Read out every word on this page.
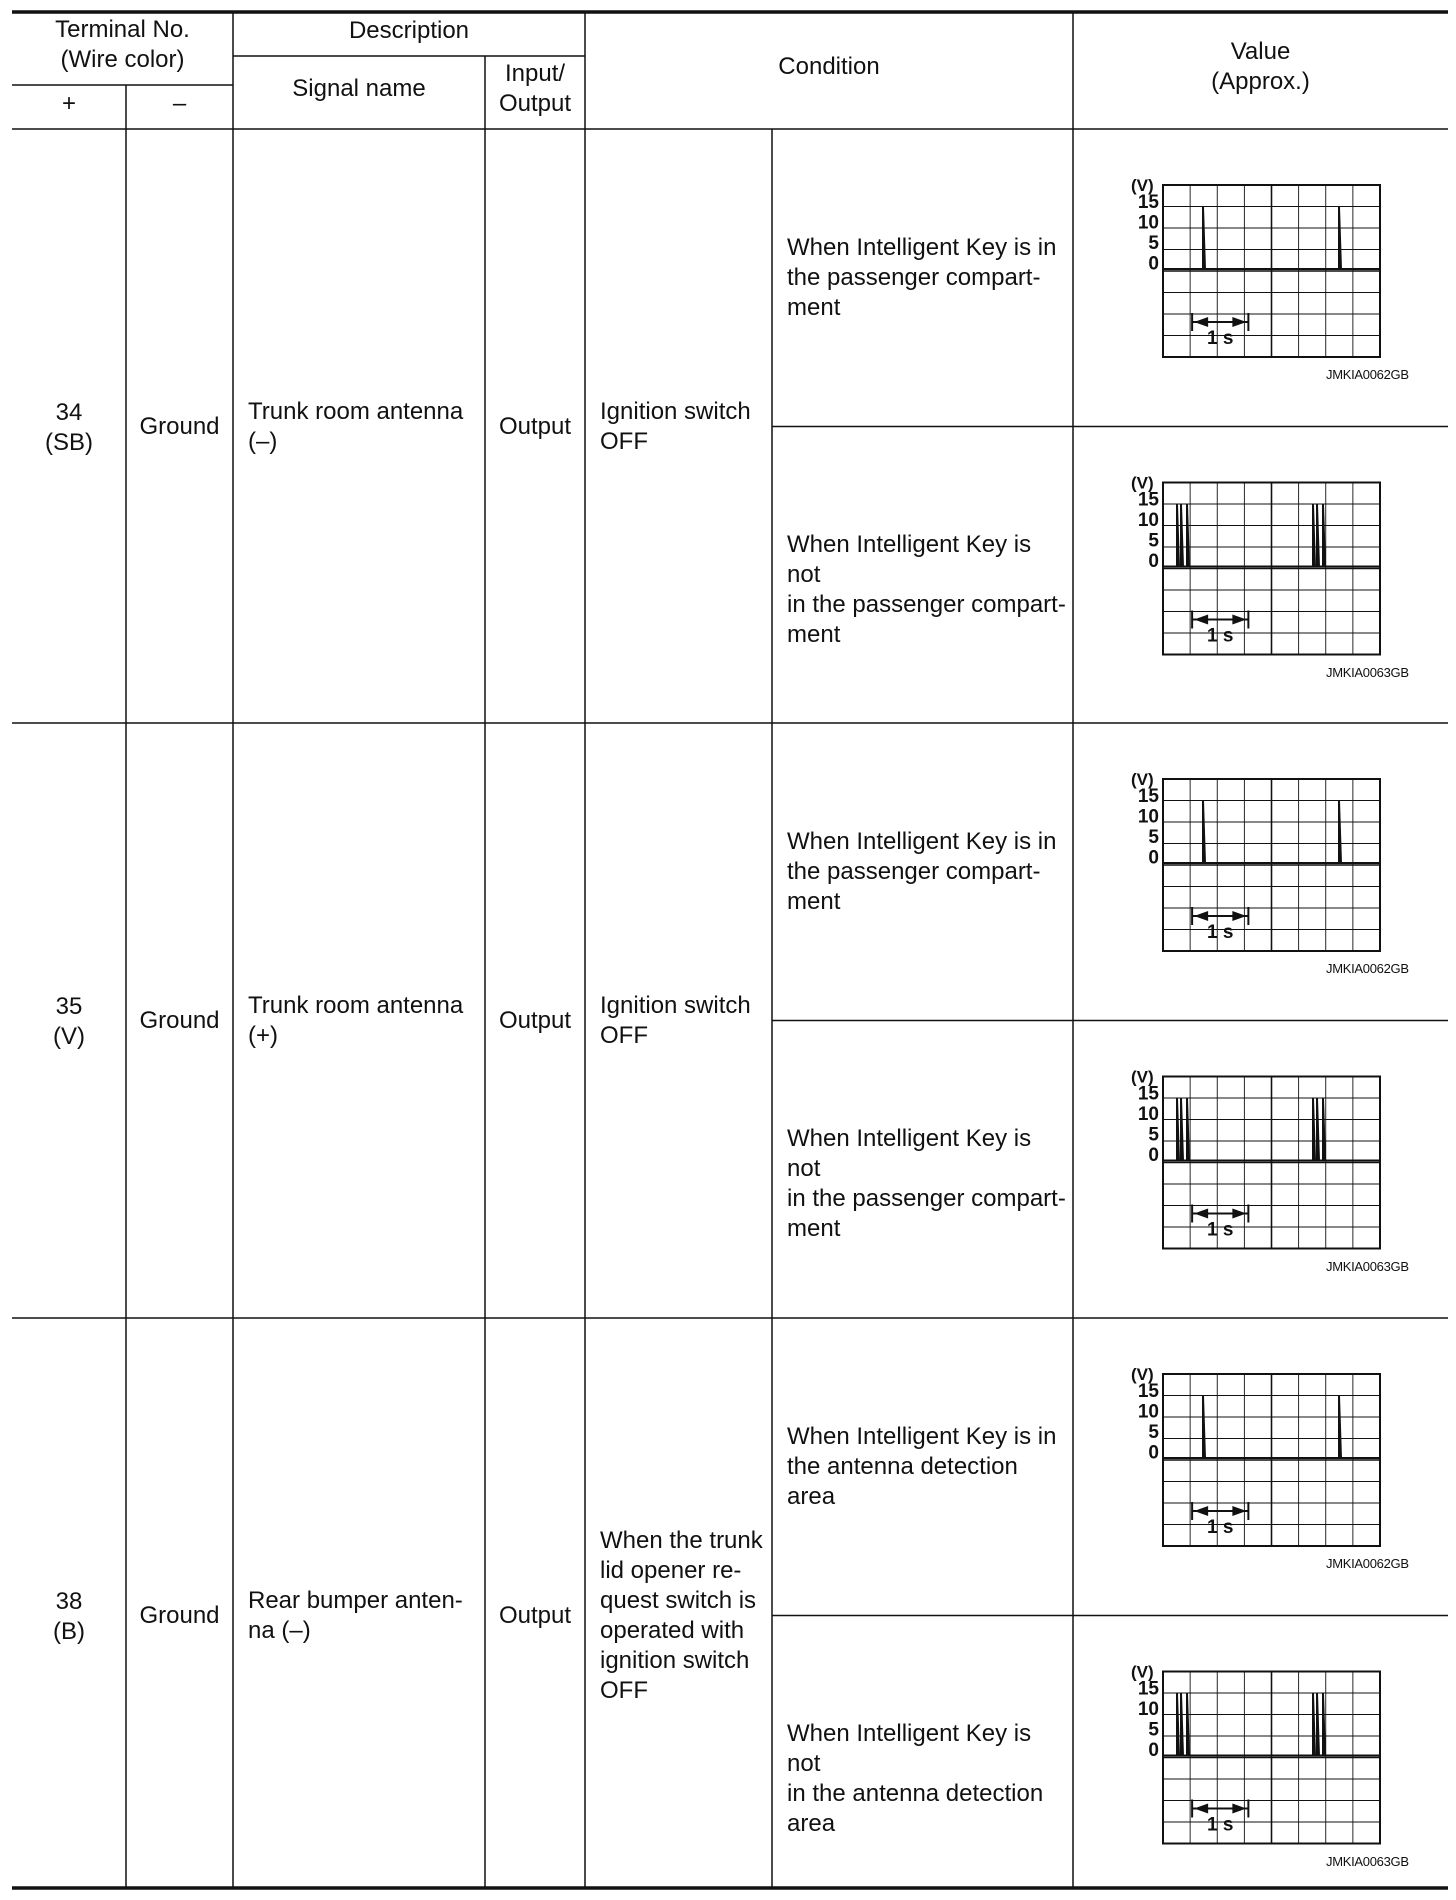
(V)
15
10
5
0
1 s
(V)
15
10
5
0
1 s
(V)
15
10
5
0
1 s
(V)
15
10
5
0
1 s
(V)
15
10
5
0
1 s
(V)
15
10
5
0
1 s
Terminal No.
(Wire color)
+	–
Description
Signal name
Input/
Output
Condition
Value
(Approx.)
34
(SB)
Ground
Trunk room antenna
(–)
Output
Ignition switch
OFF
When Intelligent Key is in
the passenger compart-
ment
JMKIA0062GB
When Intelligent Key is not
in the passenger compart-
ment
JMKIA0063GB
35
(V)
Ground
Trunk room antenna
(+)
Output
Ignition switch
OFF
When Intelligent Key is in
the passenger compart-
ment
JMKIA0062GB
When Intelligent Key is not
in the passenger compart-
ment
JMKIA0063GB
38
(B)
Ground
Rear bumper anten-
na (–)
Output
When the trunk
lid opener re-
quest switch is
operated with
ignition switch
OFF
When Intelligent Key is in
the antenna detection
area
JMKIA0062GB
When Intelligent Key is not
in the antenna detection
area
JMKIA0063GB
